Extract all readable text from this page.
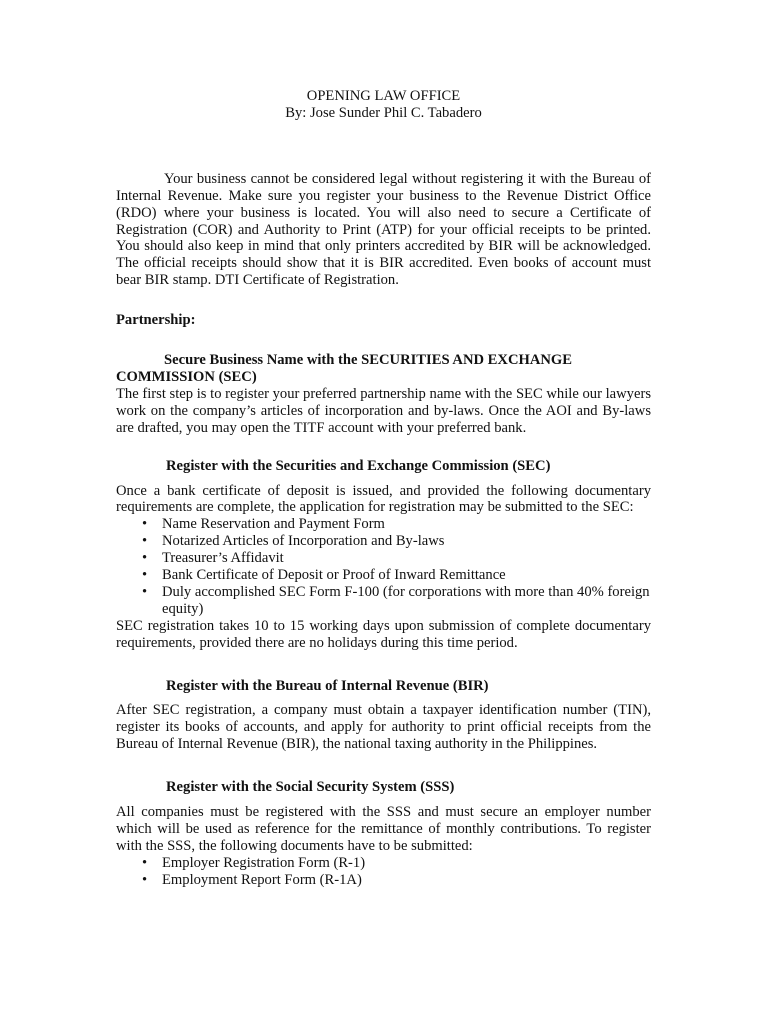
OPENING LAW OFFICE

By: Jose Sunder Phil C. Tabadero

Your business cannot be considered legal without registering it with the Bureau of Internal Revenue. Make sure you register your business to the Revenue District Office (RDO) where your business is located. You will also need to secure a Certificate of Registration (COR) and Authority to Print (ATP) for your official receipts to be printed. You should also keep in mind that only printers accredited by BIR will be acknowledged. The official receipts should show that it is BIR accredited. Even books of account must bear BIR stamp. DTI Certificate of Registration.

Partnership:

Secure Business Name with the SECURITIES AND EXCHANGE COMMISSION (SEC)

The first step is to register your preferred partnership name with the SEC while our lawyers work on the company’s articles of incorporation and by-laws. Once the AOI and By-laws are drafted, you may open the TITF account with your preferred bank.

Register with the Securities and Exchange Commission (SEC)

Once a bank certificate of deposit is issued, and provided the following documentary requirements are complete, the application for registration may be submitted to the SEC:

• Name Reservation and Payment Form
• Notarized Articles of Incorporation and By-laws
• Treasurer’s Affidavit
• Bank Certificate of Deposit or Proof of Inward Remittance
• Duly accomplished SEC Form F-100 (for corporations with more than 40% foreign equity)

SEC registration takes 10 to 15 working days upon submission of complete documentary requirements, provided there are no holidays during this time period.

Register with the Bureau of Internal Revenue (BIR)

After SEC registration, a company must obtain a taxpayer identification number (TIN), register its books of accounts, and apply for authority to print official receipts from the Bureau of Internal Revenue (BIR), the national taxing authority in the Philippines.

Register with the Social Security System (SSS)

All companies must be registered with the SSS and must secure an employer number which will be used as reference for the remittance of monthly contributions. To register with the SSS, the following documents have to be submitted:

• Employer Registration Form (R-1)
• Employment Report Form (R-1A)
